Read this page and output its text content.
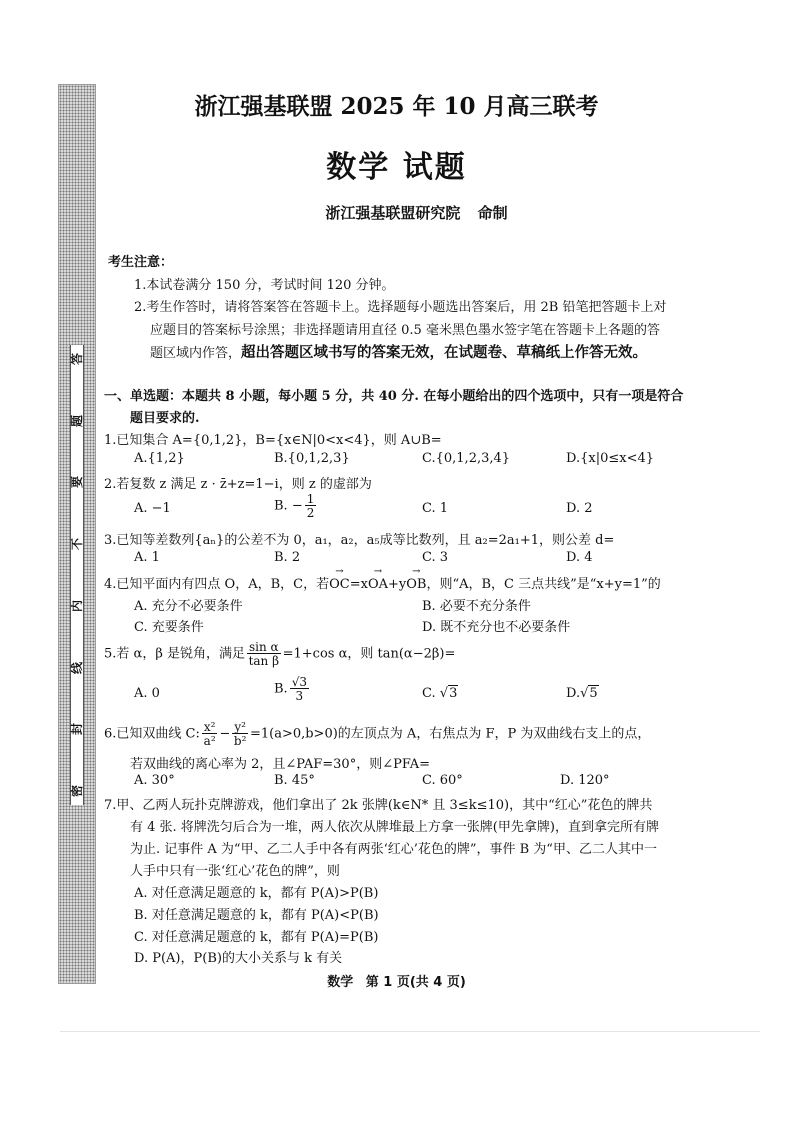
答
题
要
不
内
线
封
密
浙江强基联盟 2025 年 10 月高三联考
数学 试题
浙江强基联盟研究院 命制
考生注意：
1.本试卷满分 150 分，考试时间 120 分钟。
2.考生作答时，请将答案答在答题卡上。选择题每小题选出答案后，用 2B 铅笔把答题卡上对
应题目的答案标号涂黑；非选择题请用直径 0.5 毫米黑色墨水签字笔在答题卡上各题的答
题区域内作答，超出答题区域书写的答案无效，在试题卷、草稿纸上作答无效。
一、单选题：本题共 8 小题，每小题 5 分，共 40 分. 在每小题给出的四个选项中，只有一项是符合
题目要求的.
1.已知集合 A={0,1,2}，B={x∈N|0<x<4}，则 A∪B=
A.{1,2}	B.{0,1,2,3}	C.{0,1,2,3,4}	D.{x|0≤x<4}
2.若复数 z 满足 z · z̄+z=1−i，则 z 的虚部为
A. −1	B. − $\frac{1}{2}$	C. 1	D. 2
3.已知等差数列{aₙ}的公差不为 0，a₁，a₂，a₅成等比数列，且 a₂=2a₁+1，则公差 d=
A. 1	B. 2	C. 3	D. 4
4.已知平面内有四点 O，A，B，C，若→ OC=x→ OA+y→ OB，则“A，B，C 三点共线”是“x+y=1”的
A. 充分不必要条件	B. 必要不充分条件
C. 充要条件	D. 既不充分也不必要条件
5.若 α，β 是锐角，满足 $\frac{\text{sin α}}{\text{tan β}} =1+\cos$ α，则 tan(α−2β)=
A. 0	B. $\frac{√3}{3}$	C. √3	D.√5
6.已知双曲线 C: $\frac{\text{x²}}{\text{a²}} - \frac{\text{y²}}{\text{b²}} =1(a>0,b>0)$的左顶点为 A，右焦点为 F，P 为双曲线右支上的点，
若双曲线的离心率为 2，且∠PAF=30°，则∠PFA=
A. 30°	B. 45°	C. 60°	D. 120°
7.甲、乙两人玩扑克牌游戏，他们拿出了 2k 张牌(k∈N* 且 3≤k≤10)，其中“红心”花色的牌共
有 4 张. 将牌洗匀后合为一堆，两人依次从牌堆最上方拿一张牌(甲先拿牌)，直到拿完所有牌
为止. 记事件 A 为“甲、乙二人手中各有两张‘红心’花色的牌”，事件 B 为“甲、乙二人其中一
人手中只有一张‘红心’花色的牌”，则
A. 对任意满足题意的 k，都有 P(A)>P(B)
B. 对任意满足题意的 k，都有 P(A)<P(B)
C. 对任意满足题意的 k，都有 P(A)=P(B)
D. P(A)，P(B)的大小关系与 k 有关
数学 第 1 页(共 4 页)
